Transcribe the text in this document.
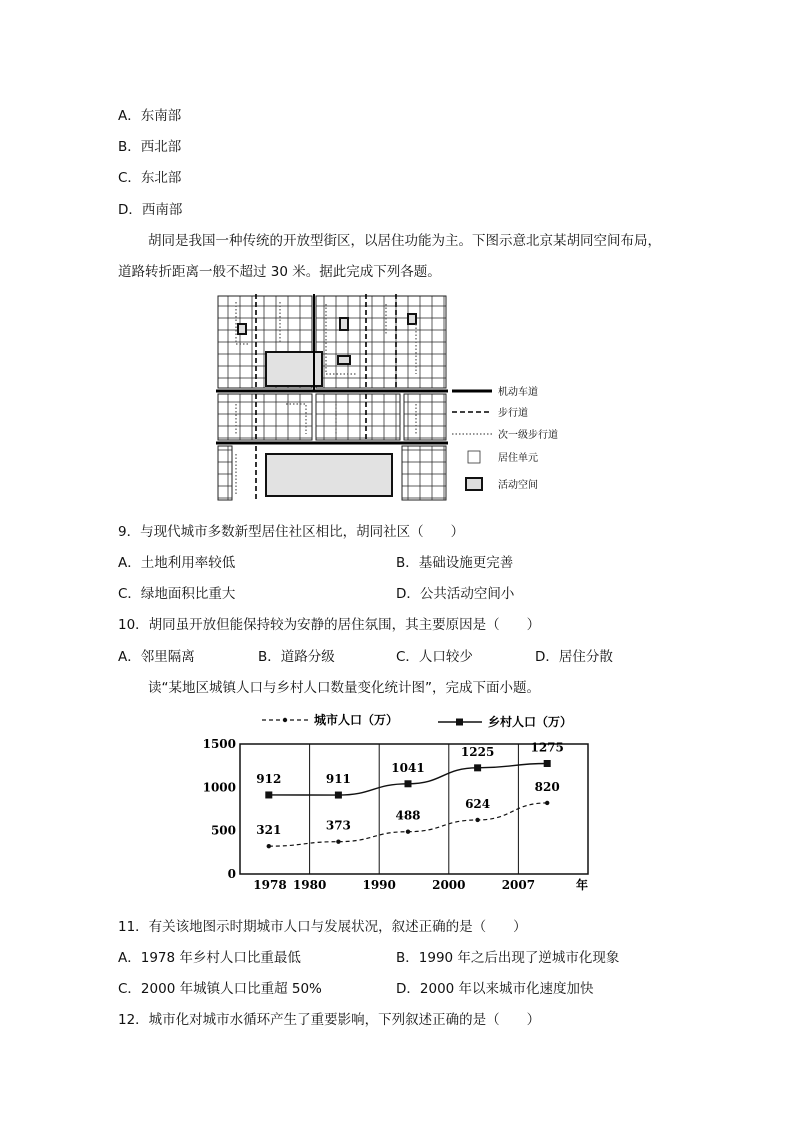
A．东南部
B．西北部
C．东北部
D．西南部
胡同是我国一种传统的开放型街区，以居住功能为主。下图示意北京某胡同空间布局，
道路转折距离一般不超过 30 米。据此完成下列各题。
机动车道
步行道
次一级步行道
居住单元
活动空间
9．与现代城市多数新型居住社区相比，胡同社区（　　）
A．土地利用率较低	B．基础设施更完善
C．绿地面积比重大	D．公共活动空间小
10．胡同虽开放但能保持较为安静的居住氛围，其主要原因是（　　）
A．邻里隔离	B．道路分级	C．人口较少	D．居住分散
读“某地区城镇人口与乡村人口数量变化统计图”，完成下面小题。
城市人口（万）	乡村人口（万）
0
500
1000
1500
1978 1980	1990	2000	2007	年
321	373
488
624
820
912	911
1041
1225	1275
11．有关该地图示时期城市人口与发展状况，叙述正确的是（　　）
A．1978 年乡村人口比重最低	B．1990 年之后出现了逆城市化现象
C．2000 年城镇人口比重超 50%	D．2000 年以来城市化速度加快
12．城市化对城市水循环产生了重要影响，下列叙述正确的是（　　）
